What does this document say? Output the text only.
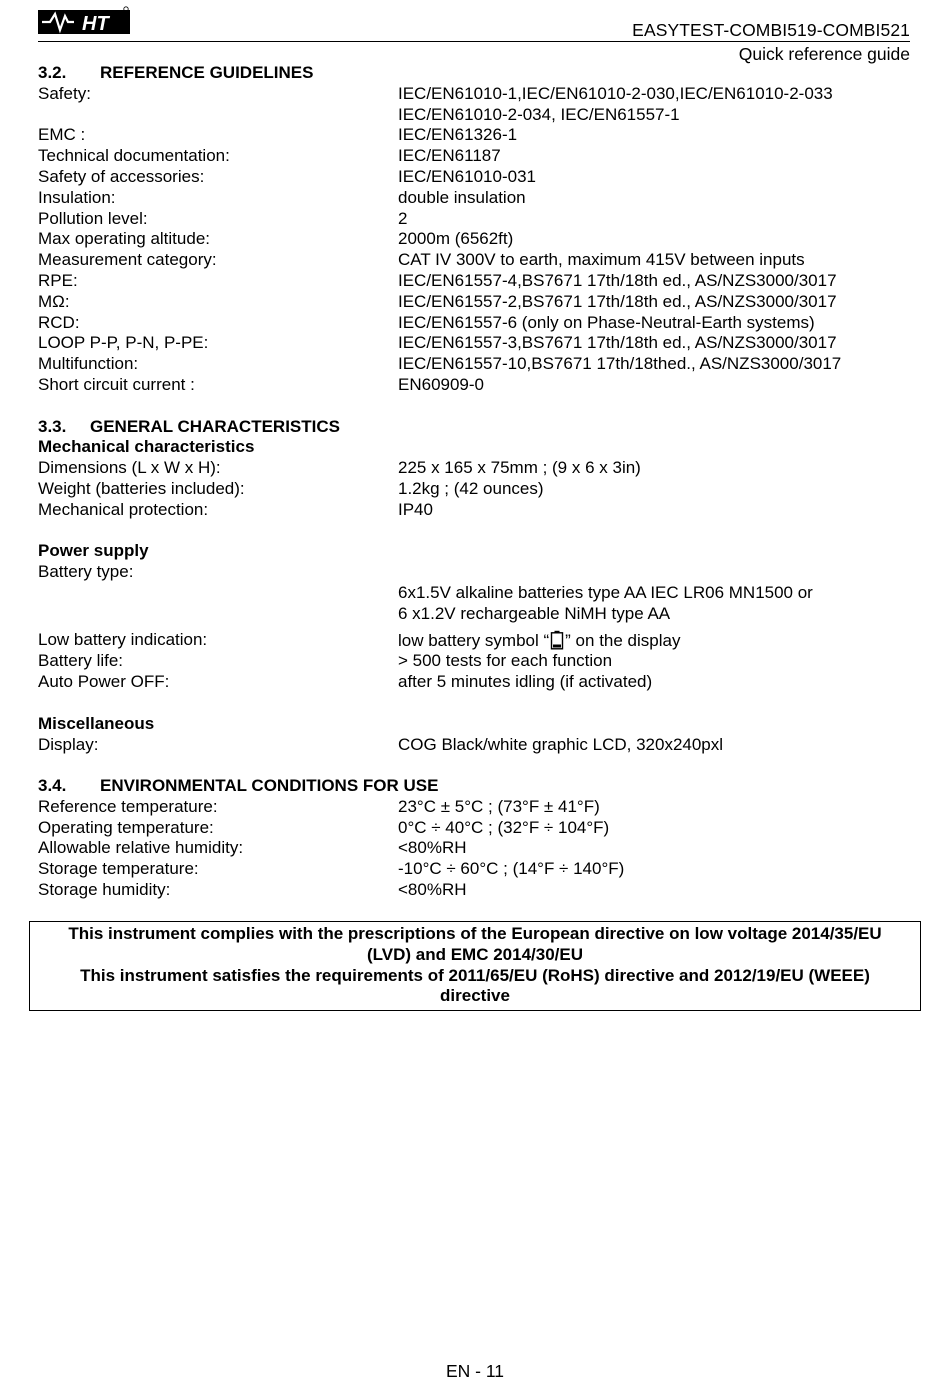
HT	EASYTEST-COMBI519-COMBI521
Quick reference guide
3.2. REFERENCE GUIDELINES
Safety:	IEC/EN61010-1,IEC/EN61010-2-030,IEC/EN61010-2-033
IEC/EN61010-2-034, IEC/EN61557-1
EMC :	IEC/EN61326-1
Technical documentation:	IEC/EN61187
Safety of accessories:	IEC/EN61010-031
Insulation:	double insulation
Pollution level:	2
Max operating altitude:	2000m (6562ft)
Measurement category:	CAT IV 300V to earth, maximum 415V between inputs
RPE:	IEC/EN61557-4,BS7671 17th/18th ed., AS/NZS3000/3017
MΩ:	IEC/EN61557-2,BS7671 17th/18th ed., AS/NZS3000/3017
RCD:	IEC/EN61557-6 (only on Phase-Neutral-Earth systems)
LOOP P-P, P-N, P-PE:	IEC/EN61557-3,BS7671 17th/18th ed., AS/NZS3000/3017
Multifunction:	IEC/EN61557-10,BS7671 17th/18thed., AS/NZS3000/3017
Short circuit current :	EN60909-0
3.3. GENERAL CHARACTERISTICS
Mechanical characteristics
Dimensions (L x W x H):	225 x 165 x 75mm ; (9 x 6 x 3in)
Weight (batteries included):	1.2kg ; (42 ounces)
Mechanical protection:	IP40
Power supply
Battery type:

6x1.5V alkaline batteries type AA IEC LR06 MN1500 or
6 x1.2V rechargeable NiMH type AA
Low battery indication:	low battery symbol “ ” on the display
Battery life:	> 500 tests for each function
Auto Power OFF:	after 5 minutes idling (if activated)
Miscellaneous
Display:	COG Black/white graphic LCD, 320x240pxl
3.4. ENVIRONMENTAL CONDITIONS FOR USE
Reference temperature:	23°C ± 5°C ; (73°F ± 41°F)
Operating temperature:	0°C ÷ 40°C ; (32°F ÷ 104°F)
Allowable relative humidity:	<80%RH
Storage temperature:	-10°C ÷ 60°C ; (14°F ÷ 140°F)
Storage humidity:	<80%RH
This instrument complies with the prescriptions of the European directive on low voltage 2014/35/EU
(LVD) and EMC 2014/30/EU
This instrument satisfies the requirements of 2011/65/EU (RoHS) directive and 2012/19/EU (WEEE)
directive
EN - 11
